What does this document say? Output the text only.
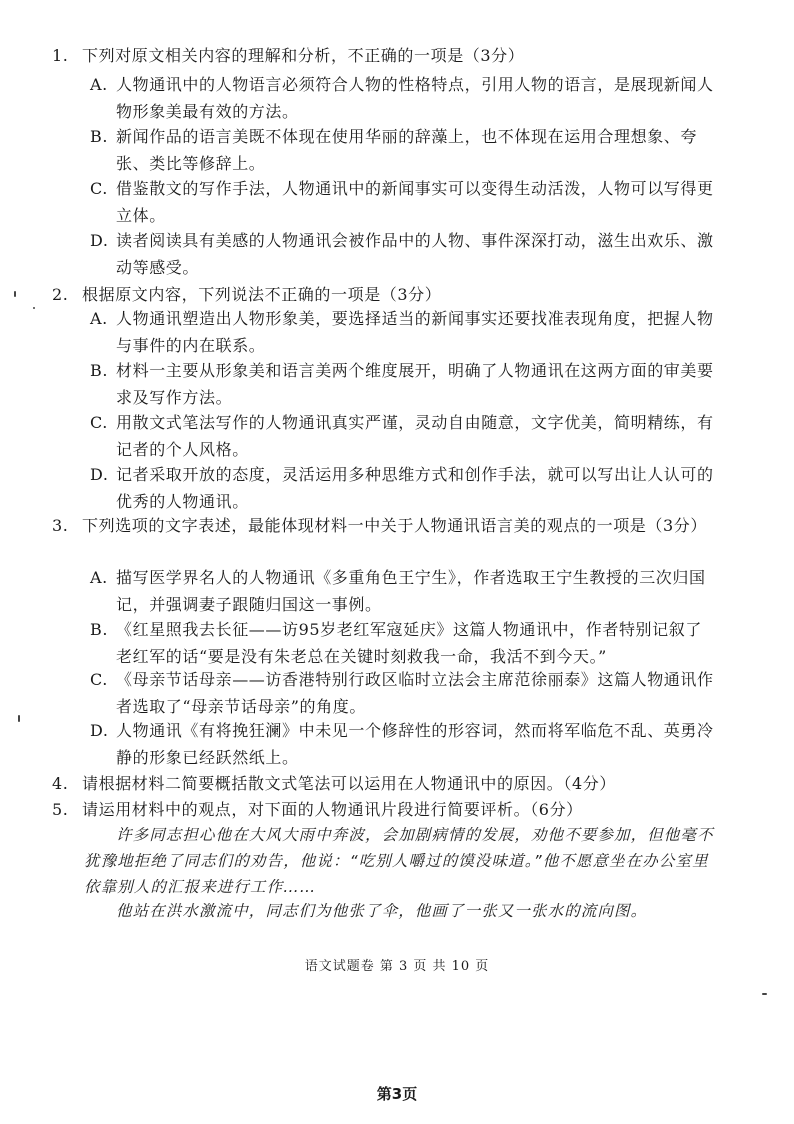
1. 下列对原文相关内容的理解和分析，不正确的一项是（3分）
A. 人物通讯中的人物语言必须符合人物的性格特点，引用人物的语言，是展现新闻人物形象美最有效的方法。
B. 新闻作品的语言美既不体现在使用华丽的辞藻上，也不体现在运用合理想象、夸张、类比等修辞上。
C. 借鉴散文的写作手法，人物通讯中的新闻事实可以变得生动活泼，人物可以写得更立体。
D. 读者阅读具有美感的人物通讯会被作品中的人物、事件深深打动，滋生出欢乐、激动等感受。
2. 根据原文内容，下列说法不正确的一项是（3分）
A. 人物通讯塑造出人物形象美，要选择适当的新闻事实还要找准表现角度，把握人物与事件的内在联系。
B. 材料一主要从形象美和语言美两个维度展开，明确了人物通讯在这两方面的审美要求及写作方法。
C. 用散文式笔法写作的人物通讯真实严谨，灵动自由随意，文字优美，简明精练，有记者的个人风格。
D. 记者采取开放的态度，灵活运用多种思维方式和创作手法，就可以写出让人认可的优秀的人物通讯。
3. 下列选项的文字表述，最能体现材料一中关于人物通讯语言美的观点的一项是（3分）
A. 描写医学界名人的人物通讯《多重角色王宁生》，作者选取王宁生教授的三次归国记，并强调妻子跟随归国这一事例。
B. 《红星照我去长征——访95岁老红军寇延庆》这篇人物通讯中，作者特别记叙了老红军的话“要是没有朱老总在关键时刻救我一命，我活不到今天。”
C. 《母亲节话母亲——访香港特别行政区临时立法会主席范徐丽泰》这篇人物通讯作者选取了“母亲节话母亲”的角度。
D. 人物通讯《有将挽狂澜》中未见一个修辞性的形容词，然而将军临危不乱、英勇冷静的形象已经跃然纸上。
4. 请根据材料二简要概括散文式笔法可以运用在人物通讯中的原因。（4分）
5. 请运用材料中的观点，对下面的人物通讯片段进行简要评析。（6分）
许多同志担心他在大风大雨中奔波，会加剧病情的发展，劝他不要参加，但他毫不犹豫地拒绝了同志们的劝告，他说：“吃别人嚼过的馍没味道。”他不愿意坐在办公室里依靠别人的汇报来进行工作……
他站在洪水激流中，同志们为他张了伞，他画了一张又一张水的流向图。
语文试题卷 第 3 页 共 10 页
第3页
